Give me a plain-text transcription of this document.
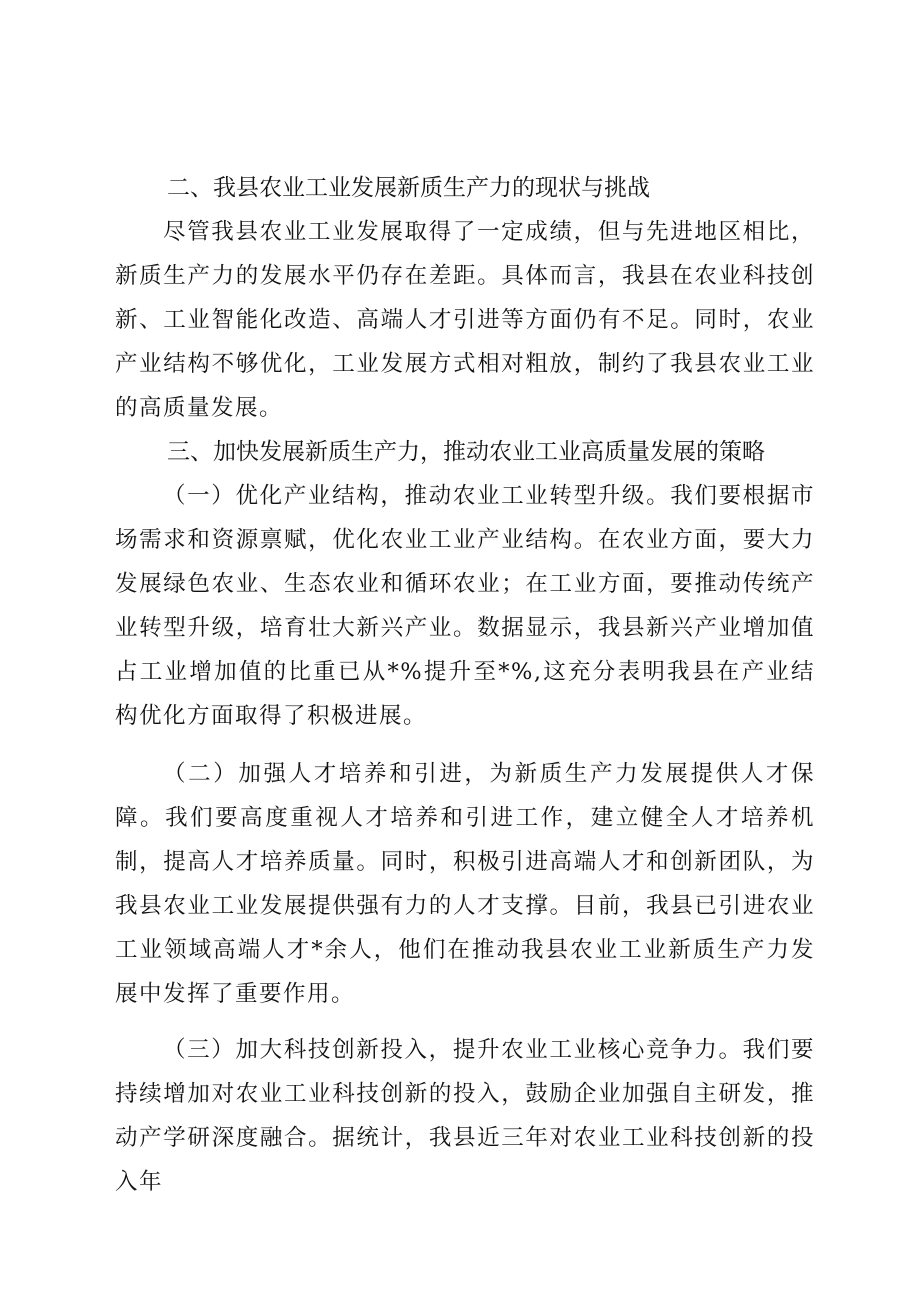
二、我县农业工业发展新质生产力的现状与挑战

尽管我县农业工业发展取得了一定成绩，但与先进地区相比，新质生产力的发展水平仍存在差距。具体而言，我县在农业科技创新、工业智能化改造、高端人才引进等方面仍有不足。同时，农业产业结构不够优化，工业发展方式相对粗放，制约了我县农业工业的高质量发展。

三、加快发展新质生产力，推动农业工业高质量发展的策略

（一）优化产业结构，推动农业工业转型升级。我们要根据市场需求和资源禀赋，优化农业工业产业结构。在农业方面，要大力发展绿色农业、生态农业和循环农业；在工业方面，要推动传统产业转型升级，培育壮大新兴产业。数据显示，我县新兴产业增加值占工业增加值的比重已从*%提升至*%,这充分表明我县在产业结构优化方面取得了积极进展。

（二）加强人才培养和引进，为新质生产力发展提供人才保障。我们要高度重视人才培养和引进工作，建立健全人才培养机制，提高人才培养质量。同时，积极引进高端人才和创新团队，为我县农业工业发展提供强有力的人才支撑。目前，我县已引进农业工业领域高端人才*余人，他们在推动我县农业工业新质生产力发展中发挥了重要作用。

（三）加大科技创新投入，提升农业工业核心竞争力。我们要持续增加对农业工业科技创新的投入，鼓励企业加强自主研发，推动产学研深度融合。据统计，我县近三年对农业工业科技创新的投入年
